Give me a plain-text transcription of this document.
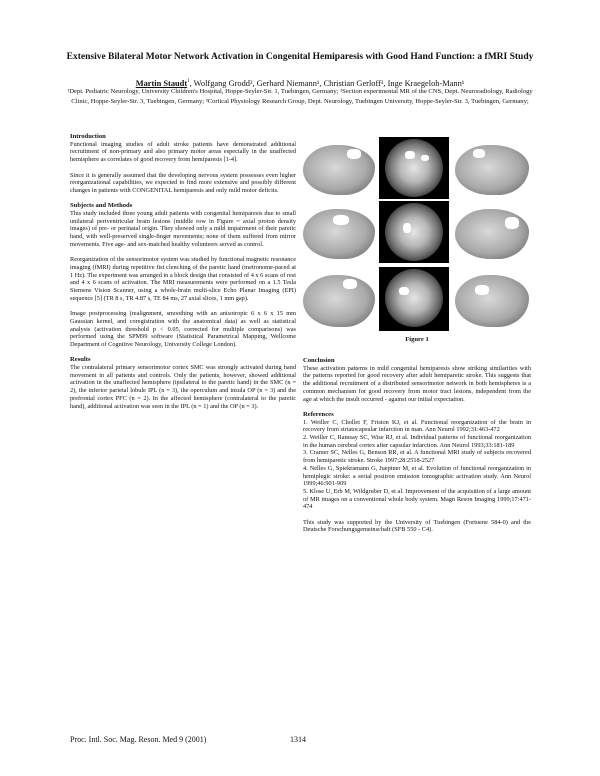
Extensive Bilateral Motor Network Activation in Congenital Hemiparesis with Good Hand Function: a fMRI Study
Martin Staudt$^1$, Wolfgang Grodd², Gerhard Niemann¹, Christian Gerloff³, Inge Kraegeloh-Mann¹
¹Dept. Pediatric Neurology, University Children's Hospital, Hoppe-Seyler-Str. 1, Tuebingen, Germany; ²Section experimental MR of the CNS, Dept. Neuroradiology, Radiology Clinic, Hoppe-Seyler-Str. 3, Tuebingen, Germany; ³Cortical Physiology Research Group, Dept. Neurology, Tuebingen University, Hoppe-Seyler-Str. 3, Tuebingen, Germany;
Introduction

Functional imaging studies of adult stroke patients have demonstrated additional recruitment of non-primary and also primary motor areas especially in the unaffected hemisphere as correlates of good recovery from hemiparesis [1-4].

Since it is generally assumed that the developing nervous system possesses even higher reorganizational capabilities, we expected to find more extensive and possibly different changes in patients with CONGENITAL hemiparesis and only mild motor deficits.

Subjects and Methods

This study included three young adult patients with congenital hemiparesis due to small unilateral periventricular brain lesions (middle row in Figure = axial proton density images) of pre- or perinatal origin. They showed only a mild impairment of their paretic hand, with well-preserved single-finger movements; none of them suffered from mirror movements. Five age- and sex-matched healthy volunteers served as control.

Reorganization of the sensorimotor system was studied by functional magnetic resonance imaging (fMRI) during repetitive fist clenching of the paretic hand (metronome-paced at 1 Hz). The experiment was arranged in a block design that consisted of 4 x 6 scans of rest and 4 x 6 scans of activation. The MRI measurements were performed on a 1.5 Tesla Siemens Vision Scanner, using a whole-brain multi-slice Echo Planar Imaging (EPI) sequence [5] (TR 8 s, TR 4.87 s, TE 84 ms, 27 axial slices, 1 mm gap).

Image postprocessing (realignment, smoothing with an anisotropic 6 x 6 x 15 mm Gaussian kernel, and coregistration with the anatomical data) as well as statistical analysis (activation threshold p < 0.05, corrected for multiple comparisons) was performed using the SPM99 software (Statistical Parametrical Mapping, Wellcome Department of Cognitive Neurology, University College London).

Results

The contralateral primary sensorimotor cortex SMC was strongly activated during hand movement in all patients and controls. Only the patients, however, showed additional activation in the unaffected hemisphere (ipsilateral to the paretic hand) in the SMC (n = 2), the inferior parietal lobule IPL (n = 3), the operculum and insula OP (n = 3) and the prefrontal cortex PFC (n = 2). In the affected hemisphere (contralateral to the paretic hand), additional activation was seen in the IPL (n = 1) and the OP (n = 3).

Figure 1
Conclusion

These activation patterns in mild congenital hemiparesis show striking similarities with the patterns reported for good recovery after adult hemiparetic stroke. This suggests that the additional recruitment of a distributed sensorimotor network in both hemispheres is a common mechanism for good recovery from motor tract lesions, independent from the age at which the insult occurred - against our initial expectation.

References

1. Weiller C, Chollet F, Friston KJ, et al. Functional reorganization of the brain in recovery from striatocapsular infarction in man. Ann Neurol 1992;31:463-472

2. Weiller C, Ramsay SC, Wise RJ, et al. Individual patterns of functional reorganization in the human cerebral cortex after capsular infarction. Ann Neurol 1993;33:181-189

3. Cramer SC, Nelles G, Benson RR, et al. A functional MRI study of subjects recovered from hemiparetic stroke. Stroke 1997;28:2518-2527

4. Nelles G, Spiekramann G, Jueptner M, et al. Evolution of functional reorganization in hemiplegic stroke: a serial positron emission tomographic activation study. Ann Neurol 1999;46:901-909

5. Klose U, Erb M, Wildgruber D, et al. Improvement of the acquisition of a large amount of MR images on a conventional whole body system. Magn Reson Imaging 1999;17:471-474

This study was supported by the University of Tuebingen (Fortuene 584-0) and the Deutsche Forschungsgemeinschaft (SFB 550 - C4).

Proc. Intl. Soc. Mag. Reson. Med 9 (2001)	1314
